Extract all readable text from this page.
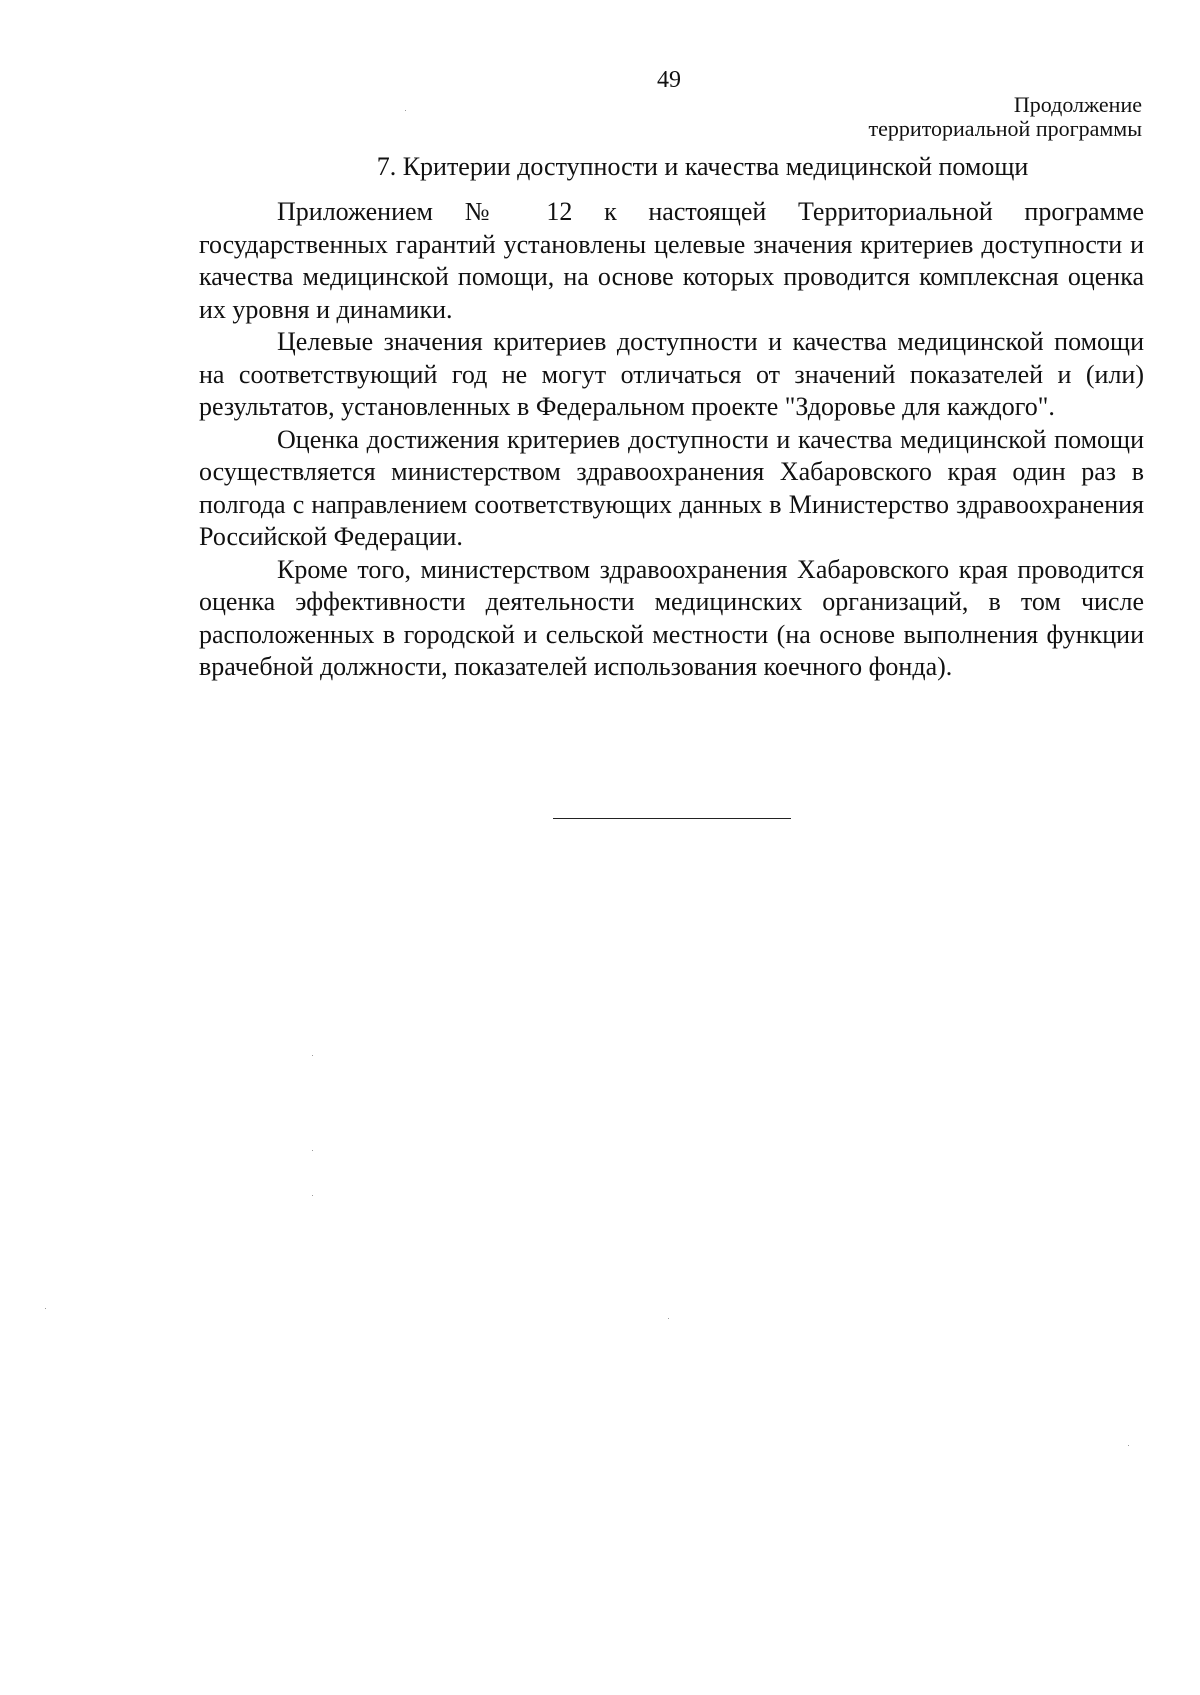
49
Продолжение
территориальной программы
7. Критерии доступности и качества медицинской помощи

Приложением № 12 к настоящей Территориальной программе государственных гарантий установлены целевые значения критериев доступности и качества медицинской помощи, на основе которых проводится комплексная оценка их уровня и динамики.

Целевые значения критериев доступности и качества медицинской помощи на соответствующий год не могут отличаться от значений показателей и (или) результатов, установленных в Федеральном проекте "Здоровье для каждого".

Оценка достижения критериев доступности и качества медицинской помощи осуществляется министерством здравоохранения Хабаровского края один раз в полгода с направлением соответствующих данных в Министерство здравоохранения Российской Федерации.

Кроме того, министерством здравоохранения Хабаровского края проводится оценка эффективности деятельности медицинских организаций, в том числе расположенных в городской и сельской местности (на основе выполнения функции врачебной должности, показателей использования коечного фонда).
